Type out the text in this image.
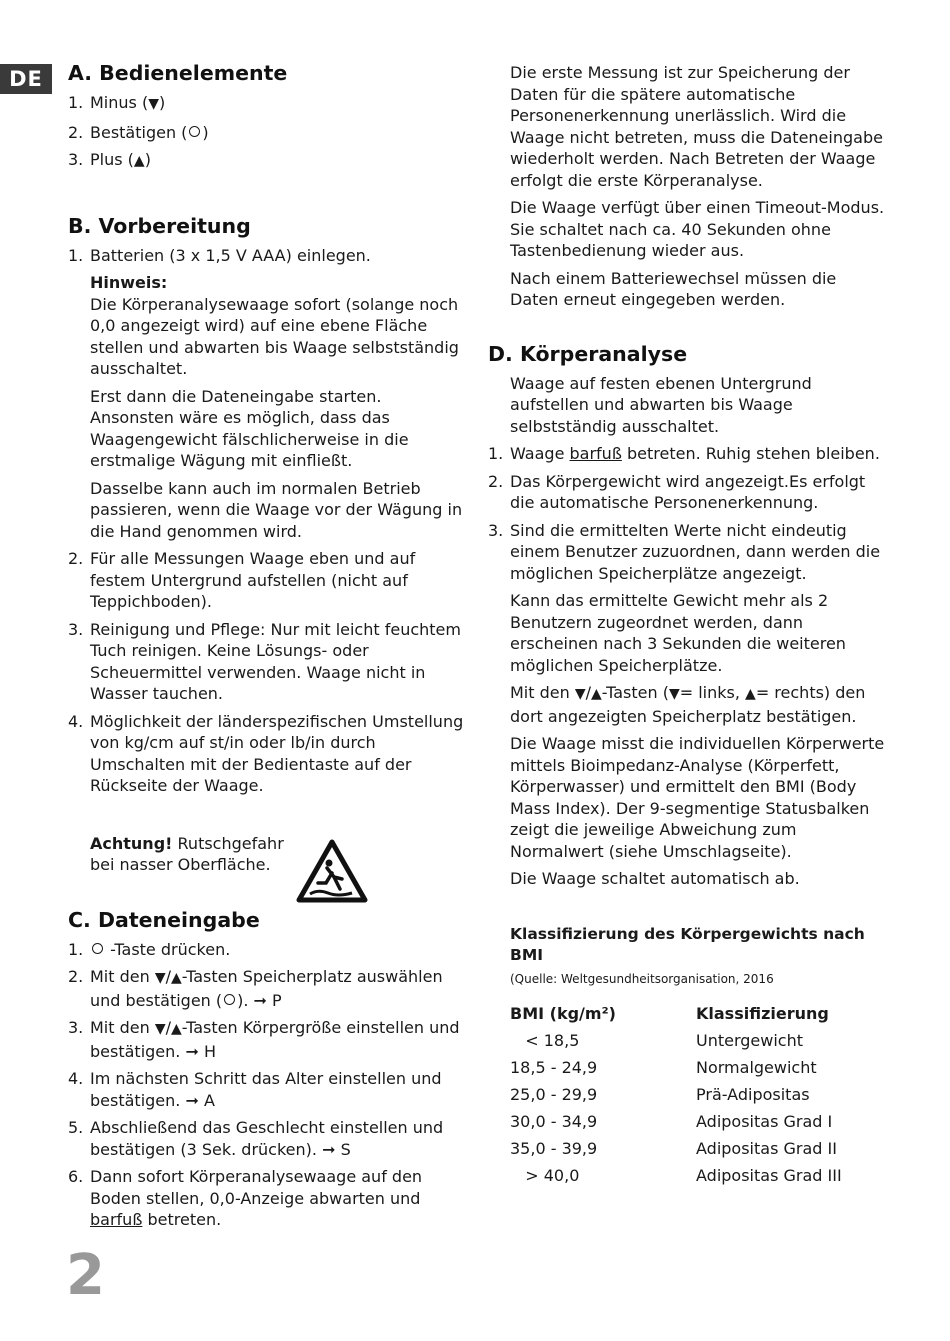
DE	A. Bedienelemente
1. Minus (▼)
2. Bestätigen ( )
3. Plus (▲)
B. Vorbereitung
1. Batterien (3 x 1,5 V AAA) einlegen.

Hinweis:

Die Körperanalysewaage sofort (solange noch 0,0 angezeigt wird) auf eine ebene Fläche stellen und abwarten bis Waage selbstständig ausschaltet.

Erst dann die Dateneingabe starten. Ansonsten wäre es möglich, dass das Waagengewicht fälschlicherweise in die erstmalige Wägung mit einfließt.

Dasselbe kann auch im normalen Betrieb passieren, wenn die Waage vor der Wägung in die Hand genommen wird.

2. Für alle Messungen Waage eben und auf festem Untergrund aufstellen (nicht auf Teppichboden).
3. Reinigung und Pflege: Nur mit leicht feuchtem Tuch reinigen. Keine Lösungs- oder Scheuermittel verwenden. Waage nicht in Wasser tauchen.
4. Möglichkeit der länderspezifischen Umstellung von kg/cm auf st/in oder lb/in durch Umschalten mit der Bedientaste auf der Rückseite der Waage.
Achtung! Rutschgefahr bei nasser Oberfläche.
C. Dateneingabe
1. -Taste drücken.
2. Mit den ▼/▲-Tasten Speicherplatz auswählen und bestätigen ( ). ➞ P
3. Mit den ▼/▲-Tasten Körpergröße einstellen und bestätigen. ➞ H
4. Im nächsten Schritt das Alter einstellen und bestätigen. ➞ A
5. Abschließend das Geschlecht einstellen und bestätigen (3 Sek. drücken). ➞ S
6. Dann sofort Körperanalysewaage auf den Boden stellen, 0,0-Anzeige abwarten und barfuß betreten.

Die erste Messung ist zur Speicherung der Daten für die spätere automatische Personenerkennung unerlässlich. Wird die Waage nicht betreten, muss die Dateneingabe wiederholt werden. Nach Betreten der Waage erfolgt die erste Körperanalyse.

Die Waage verfügt über einen Timeout-Modus. Sie schaltet nach ca. 40 Sekunden ohne Tastenbedienung wieder aus.

Nach einem Batteriewechsel müssen die Daten erneut eingegeben werden.

D. Körperanalyse

Waage auf festen ebenen Untergrund aufstellen und abwarten bis Waage selbstständig ausschaltet.

1. Waage barfuß betreten. Ruhig stehen bleiben.
2. Das Körpergewicht wird angezeigt.Es erfolgt die automatische Personenerkennung.
3. Sind die ermittelten Werte nicht eindeutig einem Benutzer zuzuordnen, dann werden die möglichen Speicherplätze angezeigt.

Kann das ermittelte Gewicht mehr als 2 Benutzern zugeordnet werden, dann erscheinen nach 3 Sekunden die weiteren möglichen Speicherplätze.

Mit den ▼/▲-Tasten (▼= links, ▲= rechts) den dort angezeigten Speicherplatz bestätigen.

Die Waage misst die individuellen Körperwerte mittels Bioimpedanz-Analyse (Körperfett, Körperwasser) und ermittelt den BMI (Body Mass Index). Der 9-segmentige Statusbalken zeigt die jeweilige Abweichung zum Normalwert (siehe Umschlagseite).

Die Waage schaltet automatisch ab.

Klassifizierung des Körpergewichts nach BMI
(Quelle: Weltgesundheitsorganisation, 2016
BMI (kg/m²)	Klassifizierung
< 18,5	Untergewicht
18,5 - 24,9	Normalgewicht
25,0 - 29,9	Prä-Adipositas
30,0 - 34,9	Adipositas Grad I
35,0 - 39,9	Adipositas Grad II
> 40,0	Adipositas Grad III
2
